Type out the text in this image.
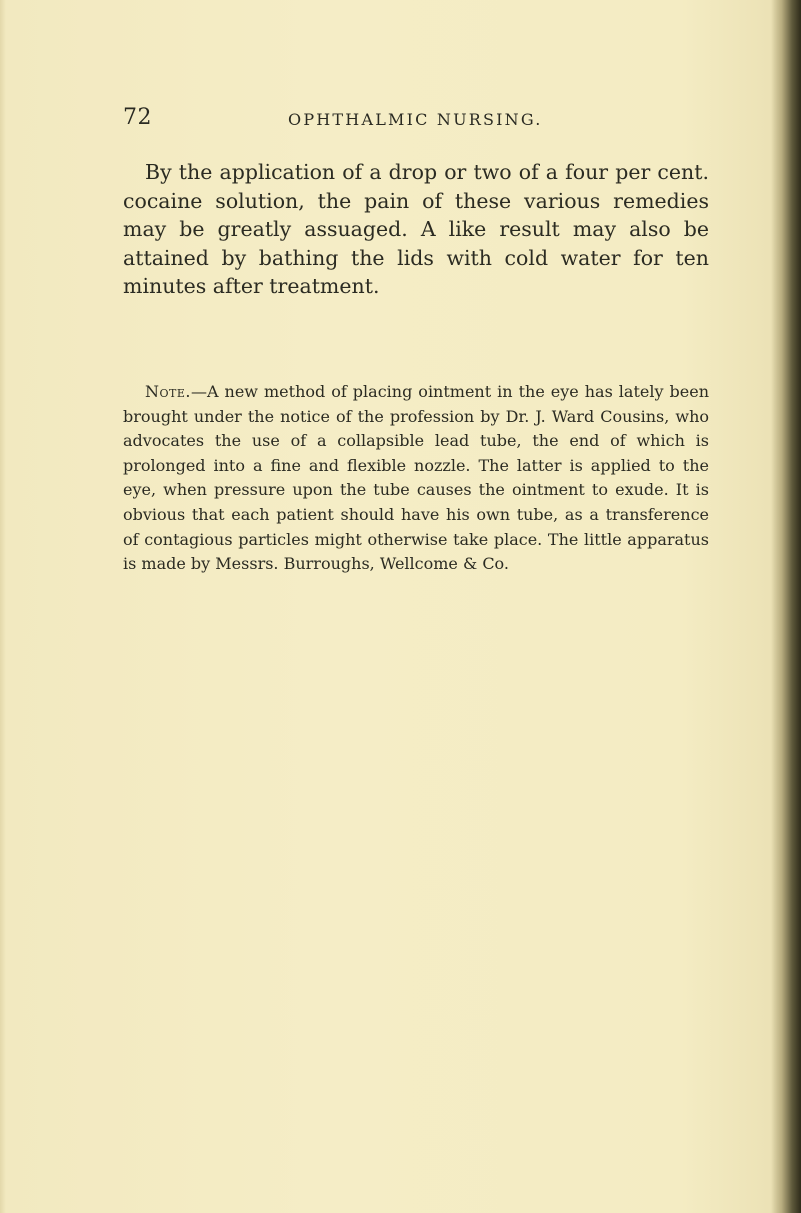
72	OPHTHALMIC NURSING.

By the application of a drop or two of a four per cent. cocaine solution, the pain of these various remedies may be greatly assuaged. A like result may also be attained by bathing the lids with cold water for ten minutes after treatment.

Note.—A new method of placing ointment in the eye has lately been brought under the notice of the profession by Dr. J. Ward Cousins, who advocates the use of a collapsible lead tube, the end of which is prolonged into a fine and flexible nozzle. The latter is applied to the eye, when pressure upon the tube causes the ointment to exude. It is obvious that each patient should have his own tube, as a transference of contagious particles might otherwise take place. The little apparatus is made by Messrs. Burroughs, Wellcome & Co.
